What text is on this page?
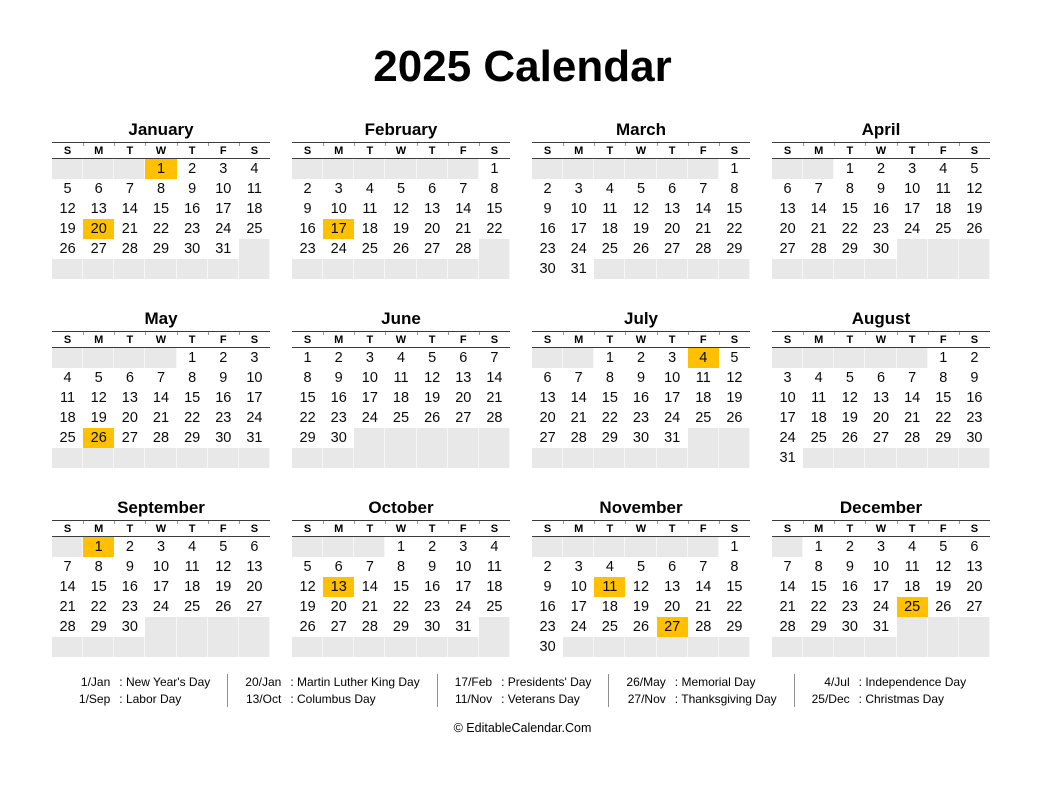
2025 Calendar
January
S	M	T	W	T	F	S
			1	2	3	4
5	6	7	8	9	10	11
12	13	14	15	16	17	18
19	20	21	22	23	24	25
26	27	28	29	30	31	

February
S	M	T	W	T	F	S
						1
2	3	4	5	6	7	8
9	10	11	12	13	14	15
16	17	18	19	20	21	22
23	24	25	26	27	28	

March
S	M	T	W	T	F	S
						1
2	3	4	5	6	7	8
9	10	11	12	13	14	15
16	17	18	19	20	21	22
23	24	25	26	27	28	29
30	31					
April
S	M	T	W	T	F	S
		1	2	3	4	5
6	7	8	9	10	11	12
13	14	15	16	17	18	19
20	21	22	23	24	25	26
27	28	29	30			

May
S	M	T	W	T	F	S
				1	2	3
4	5	6	7	8	9	10
11	12	13	14	15	16	17
18	19	20	21	22	23	24
25	26	27	28	29	30	31

June
S	M	T	W	T	F	S
1	2	3	4	5	6	7
8	9	10	11	12	13	14
15	16	17	18	19	20	21
22	23	24	25	26	27	28
29	30					

July
S	M	T	W	T	F	S
		1	2	3	4	5
6	7	8	9	10	11	12
13	14	15	16	17	18	19
20	21	22	23	24	25	26
27	28	29	30	31		

August
S	M	T	W	T	F	S
					1	2
3	4	5	6	7	8	9
10	11	12	13	14	15	16
17	18	19	20	21	22	23
24	25	26	27	28	29	30
31						
September
S	M	T	W	T	F	S
	1	2	3	4	5	6
7	8	9	10	11	12	13
14	15	16	17	18	19	20
21	22	23	24	25	26	27
28	29	30				

October
S	M	T	W	T	F	S
			1	2	3	4
5	6	7	8	9	10	11
12	13	14	15	16	17	18
19	20	21	22	23	24	25
26	27	28	29	30	31	

November
S	M	T	W	T	F	S
						1
2	3	4	5	6	7	8
9	10	11	12	13	14	15
16	17	18	19	20	21	22
23	24	25	26	27	28	29
30						
December
S	M	T	W	T	F	S
	1	2	3	4	5	6
7	8	9	10	11	12	13
14	15	16	17	18	19	20
21	22	23	24	25	26	27
28	29	30	31			

1/Jan	: New Year's Day
1/Sep	: Labor Day
20/Jan	: Martin Luther King Day
13/Oct	: Columbus Day
17/Feb	: Presidents' Day
11/Nov	: Veterans Day
26/May	: Memorial Day
27/Nov	: Thanksgiving Day
4/Jul	: Independence Day
25/Dec	: Christmas Day
© EditableCalendar.Com
